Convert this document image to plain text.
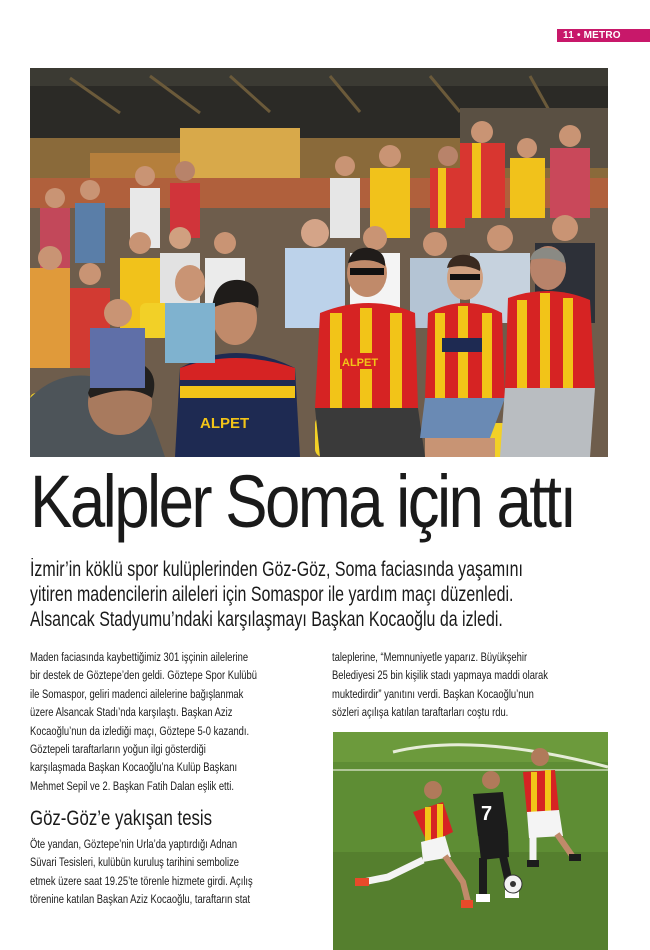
11 • METRO
ALPET
ALPET
Kalpler Soma için attı

İzmir’in köklü spor kulüplerinden Göz-Göz, Soma faciasında yaşamını

yitiren madencilerin aileleri için Somaspor ile yardım maçı düzenledi.

Alsancak Stadyumu’ndaki karşılaşmayı Başkan Kocaoğlu da izledi.

Maden faciasında kaybettiğimiz 301 işçinin ailelerine

bir destek de Göztepe’den geldi. Göztepe Spor Kulübü

ile Somaspor, geliri madenci ailelerine bağışlanmak

üzere Alsancak Stadı’nda karşılaştı. Başkan Aziz

Kocaoğlu’nun da izlediği maçı, Göztepe 5-0 kazandı.

Göztepeli taraftarların yoğun ilgi gösterdiği

karşılaşmada Başkan Kocaoğlu’na Kulüp Başkanı

Mehmet Sepil ve 2. Başkan Fatih Dalan eşlik etti.

Göz-Göz’e yakışan tesis

Öte yandan, Göztepe’nin Urla’da yaptırdığı Adnan

Süvari Tesisleri, kulübün kuruluş tarihini sembolize

etmek üzere saat 19.25’te törenle hizmete girdi. Açılış

törenine katılan Başkan Aziz Kocaoğlu, taraftarın stat

taleplerine, “Memnuniyetle yaparız. Büyükşehir

Belediyesi 25 bin kişilik stadı yapmaya maddi olarak

muktedirdir” yanıtını verdi. Başkan Kocaoğlu’nun

sözleri açılışa katılan taraftarları coştu rdu.

7
